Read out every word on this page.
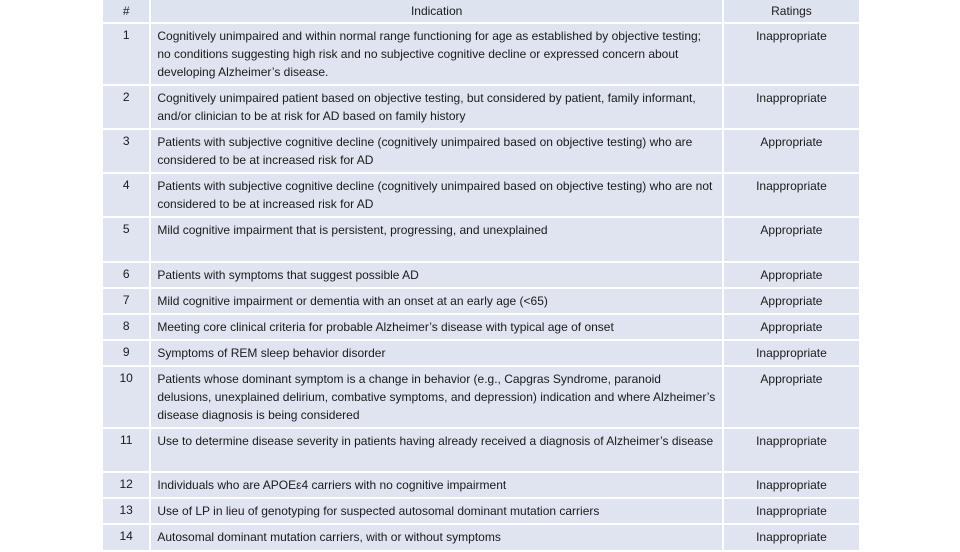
#	Indication	Ratings
1	Cognitively unimpaired and within normal range functioning for age as established by objective testing; no conditions suggesting high risk and no subjective cognitive decline or expressed concern about developing Alzheimer’s disease.	Inappropriate
2	Cognitively unimpaired patient based on objective testing, but considered by patient, family informant, and/or clinician to be at risk for AD based on family history	Inappropriate
3	Patients with subjective cognitive decline (cognitively unimpaired based on objective testing) who are considered to be at increased risk for AD	Appropriate
4	Patients with subjective cognitive decline (cognitively unimpaired based on objective testing) who are not considered to be at increased risk for AD	Inappropriate
5	Mild cognitive impairment that is persistent, progressing, and unexplained	Appropriate
6	Patients with symptoms that suggest possible AD	Appropriate
7	Mild cognitive impairment or dementia with an onset at an early age (<65)	Appropriate
8	Meeting core clinical criteria for probable Alzheimer’s disease with typical age of onset	Appropriate
9	Symptoms of REM sleep behavior disorder	Inappropriate
10	Patients whose dominant symptom is a change in behavior (e.g., Capgras Syndrome, paranoid delusions, unexplained delirium, combative symptoms, and depression) indication and where Alzheimer’s disease diagnosis is being considered	Appropriate
11	Use to determine disease severity in patients having already received a diagnosis of Alzheimer’s disease	Inappropriate
12	Individuals who are APOEε4 carriers with no cognitive impairment	Inappropriate
13	Use of LP in lieu of genotyping for suspected autosomal dominant mutation carriers	Inappropriate
14	Autosomal dominant mutation carriers, with or without symptoms	Inappropriate
